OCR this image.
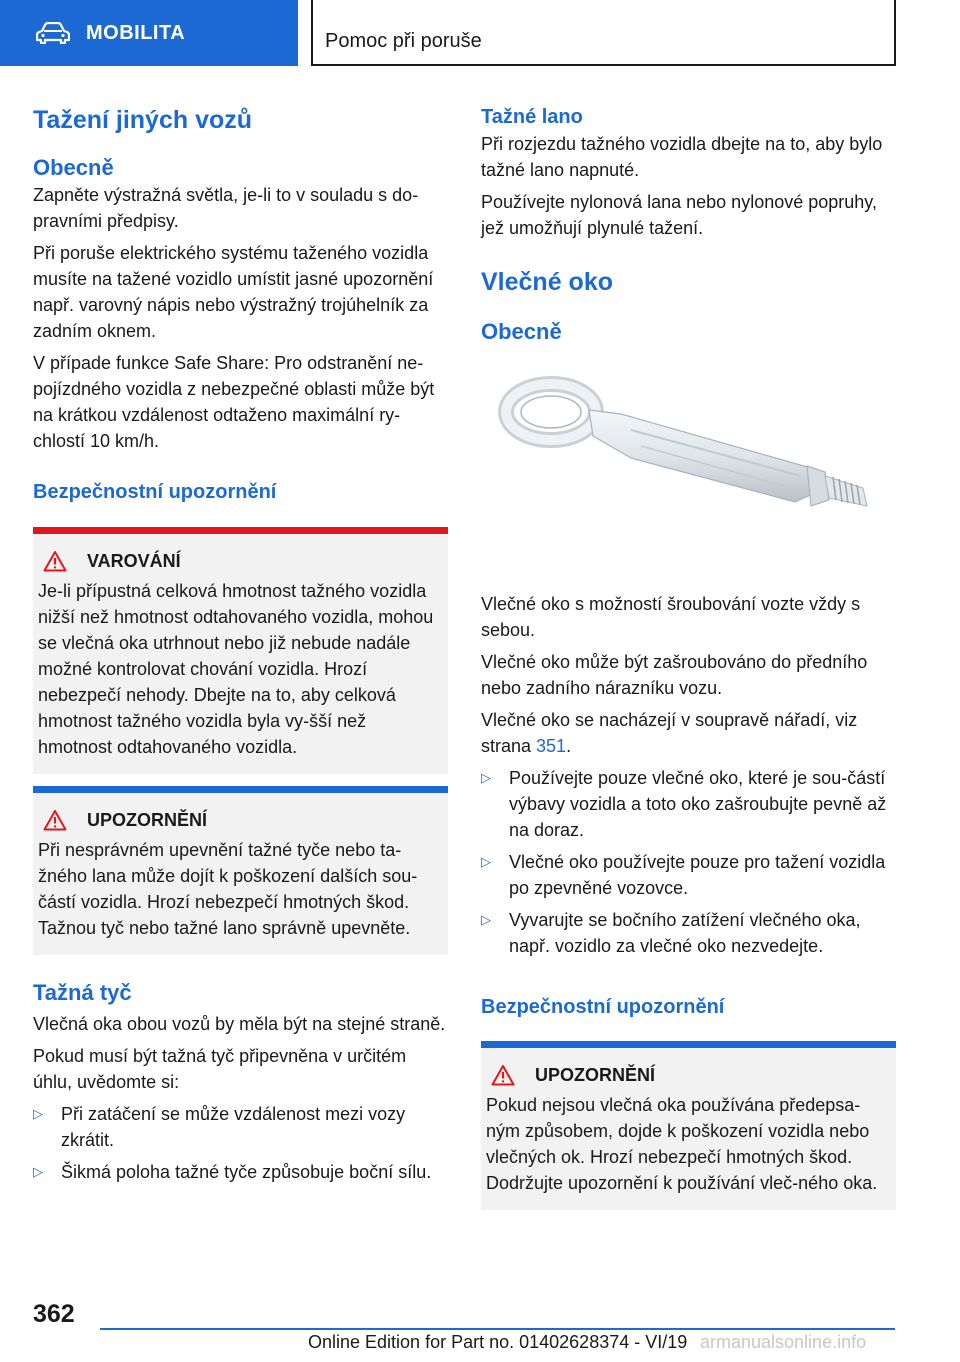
MOBILITA	Pomoc při poruše
Tažení jiných vozů
Obecně

Zapněte výstražná světla, je-li to v souladu s do-pravními předpisy.

Při poruše elektrického systému taženého vozidla musíte na tažené vozidlo umístit jasné upozornění např. varovný nápis nebo výstražný trojúhelník za zadním oknem.

V případe funkce Safe Share: Pro odstranění ne-pojízdného vozidla z nebezpečné oblasti může být na krátkou vzdálenost odtaženo maximální ry-chlostí 10 km/h.

Bezpečnostní upozornění
VAROVÁNÍ

Je-li přípustná celková hmotnost tažného vozidla nižší než hmotnost odtahovaného vozidla, mohou se vlečná oka utrhnout nebo již nebude nadále možné kontrolovat chování vozidla. Hrozí nebezpečí nehody. Dbejte na to, aby celková hmotnost tažného vozidla byla vy-šší než hmotnost odtahovaného vozidla.

UPOZORNĚNÍ

Při nesprávném upevnění tažné tyče nebo ta-žného lana může dojít k poškození dalších sou-částí vozidla. Hrozí nebezpečí hmotných škod. Tažnou tyč nebo tažné lano správně upevněte.

Tažná tyč

Vlečná oka obou vozů by měla být na stejné straně.

Pokud musí být tažná tyč připevněna v určitém úhlu, uvědomte si:

▷ Při zatáčení se může vzdálenost mezi vozy zkrátit.
▷ Šikmá poloha tažné tyče způsobuje boční sílu.
Tažné lano

Při rozjezdu tažného vozidla dbejte na to, aby bylo tažné lano napnuté.

Používejte nylonová lana nebo nylonové popruhy, jež umožňují plynulé tažení.

Vlečné oko
Obecně

Vlečné oko s možností šroubování vozte vždy s sebou.

Vlečné oko může být zašroubováno do předního nebo zadního nárazníku vozu.

Vlečné oko se nacházejí v soupravě nářadí, viz strana 351.

▷ Používejte pouze vlečné oko, které je sou-částí výbavy vozidla a toto oko zašroubujte pevně až na doraz.
▷ Vlečné oko používejte pouze pro tažení vozidla po zpevněné vozovce.
▷ Vyvarujte se bočního zatížení vlečného oka, např. vozidlo za vlečné oko nezvedejte.
Bezpečnostní upozornění
UPOZORNĚNÍ

Pokud nejsou vlečná oka používána předepsa-ným způsobem, dojde k poškození vozidla nebo vlečných ok. Hrozí nebezpečí hmotných škod. Dodržujte upozornění k používání vleč-ného oka.

362
Online Edition for Part no. 01402628374 - VI/19 armanualsonline.info
